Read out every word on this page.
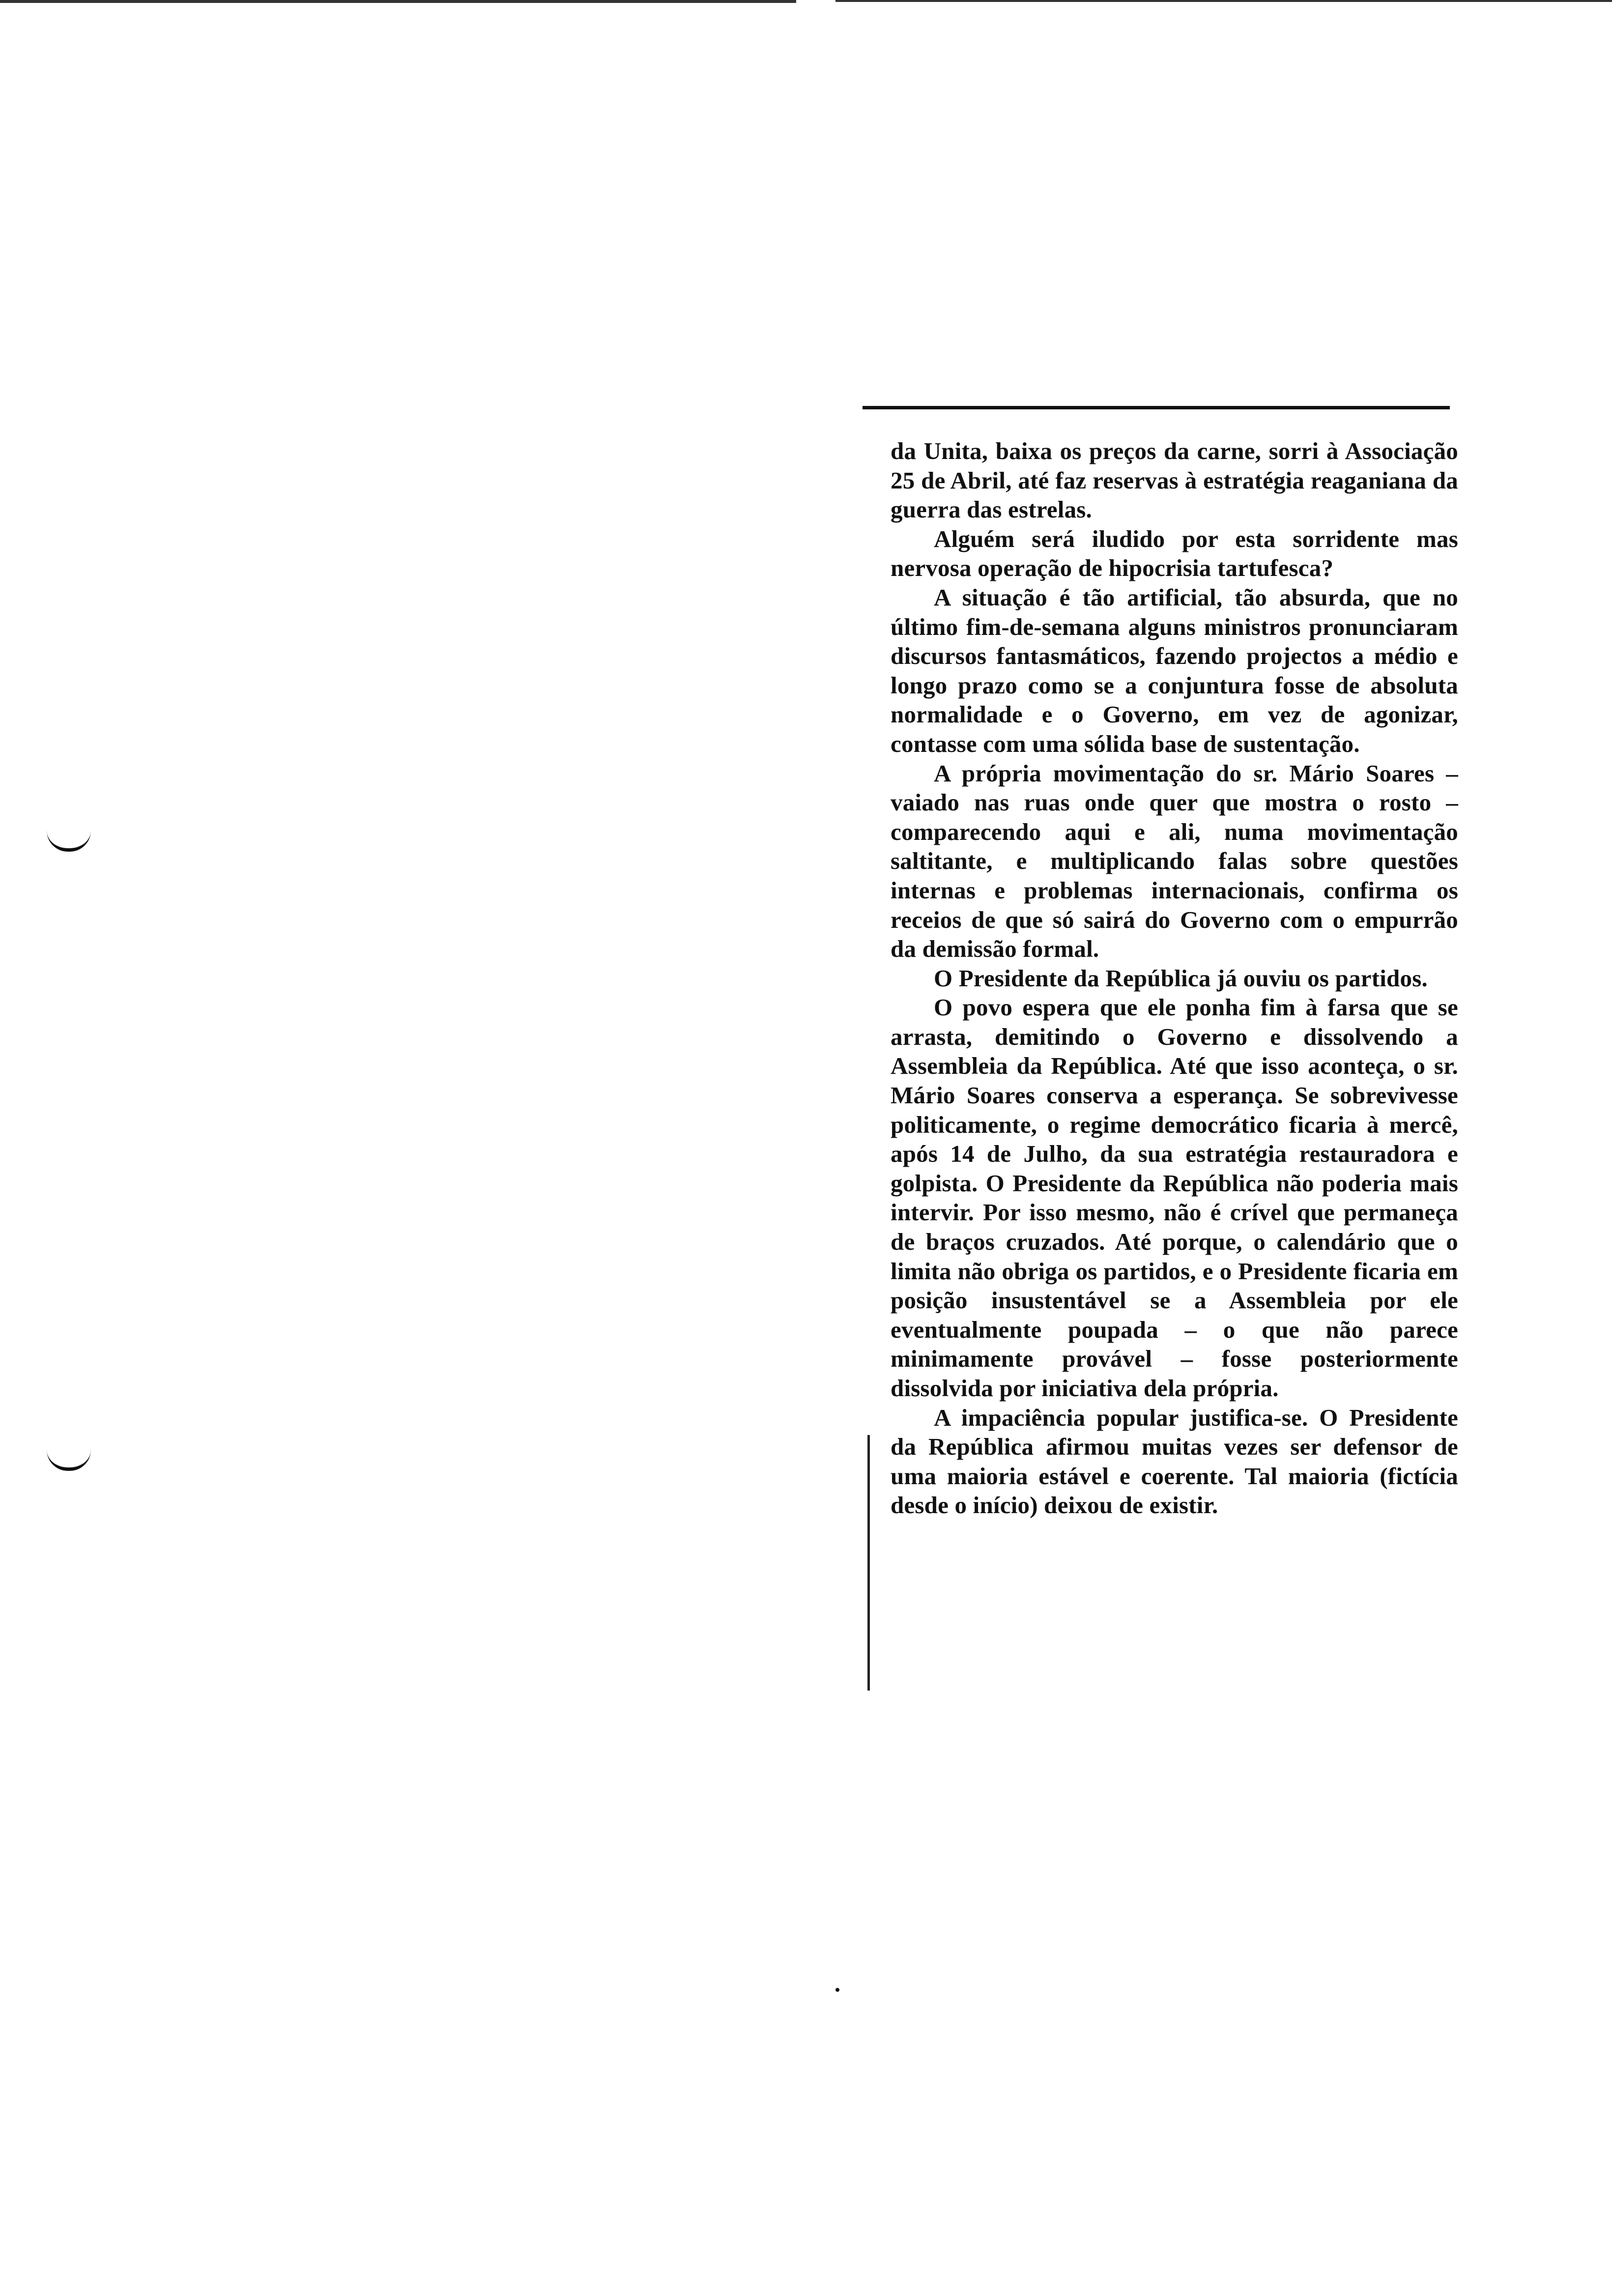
da Unita, baixa os preços da carne, sorri à Associação 25 de Abril, até faz reservas à estratégia reaganiana da guerra das estrelas.

Alguém será iludido por esta sorridente mas nervosa operação de hipocrisia tartufesca?

A situação é tão artificial, tão absurda, que no último fim-de-semana alguns ministros pronunciaram discursos fantasmáticos, fazendo projectos a médio e longo prazo como se a conjuntura fosse de absoluta normalidade e o Governo, em vez de agonizar, contasse com uma sólida base de sustentação.

A própria movimentação do sr. Mário Soares – vaiado nas ruas onde quer que mostra o rosto – comparecendo aqui e ali, numa movimentação saltitante, e multiplicando falas sobre questões internas e problemas internacionais, confirma os receios de que só sairá do Governo com o empurrão da demissão formal.

O Presidente da República já ouviu os partidos.

O povo espera que ele ponha fim à farsa que se arrasta, demitindo o Governo e dissolvendo a Assembleia da República. Até que isso aconteça, o sr. Mário Soares conserva a esperança. Se sobrevivesse politicamente, o regime democrático ficaria à mercê, após 14 de Julho, da sua estratégia restauradora e golpista. O Presidente da República não poderia mais intervir. Por isso mesmo, não é crível que permaneça de braços cruzados. Até porque, o calendário que o limita não obriga os partidos, e o Presidente ficaria em posição insustentável se a Assembleia por ele eventualmente poupada – o que não parece minimamente provável – fosse posteriormente dissolvida por iniciativa dela própria.

A impaciência popular justifica-se. O Presidente da República afirmou muitas vezes ser defensor de uma maioria estável e coerente. Tal maioria (fictícia desde o início) deixou de existir.
